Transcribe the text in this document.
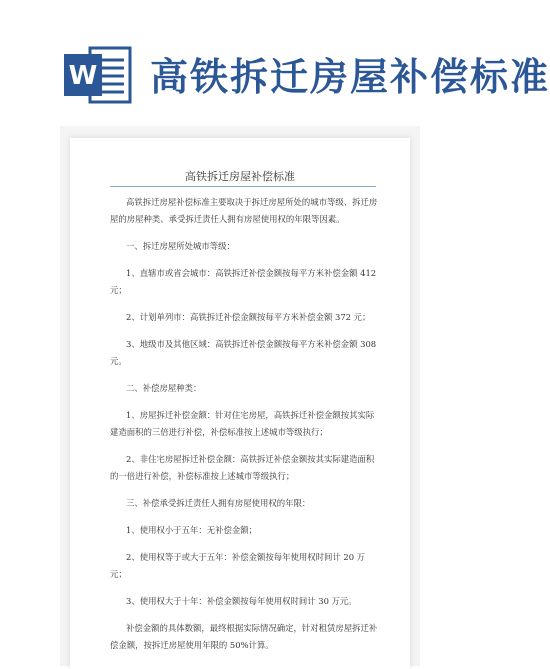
W 高铁拆迁房屋补偿标准
高铁拆迁房屋补偿标准

高铁拆迁房屋补偿标准主要取决于拆迁房屋所处的城市等级、拆迁房屋的房屋种类、承受拆迁责任人拥有房屋使用权的年限等因素。

一、拆迁房屋所处城市等级：

1、直辖市或省会城市：高铁拆迁补偿金额按每平方米补偿金额 412 元；

2、计划单列市：高铁拆迁补偿金额按每平方米补偿金额 372 元；

3、地级市及其他区域：高铁拆迁补偿金额按每平方米补偿金额 308 元。

二、补偿房屋种类：

1、房屋拆迁补偿金额：针对住宅房屋，高铁拆迁补偿金额按其实际建造面积的三倍进行补偿，补偿标准按上述城市等级执行；

2、非住宅房屋拆迁补偿金额：高铁拆迁补偿金额按其实际建造面积的一倍进行补偿，补偿标准按上述城市等级执行；

三、补偿承受拆迁责任人拥有房屋使用权的年限：

1、使用权小于五年：无补偿金额；

2、使用权等于或大于五年：补偿金额按每年使用权时间计 20 万元；

3、使用权大于十年：补偿金额按每年使用权时间计 30 万元。

补偿金额的具体数额，最终根据实际情况确定，针对租赁房屋拆迁补偿金额，按拆迁房屋使用年限的 50%计算。
